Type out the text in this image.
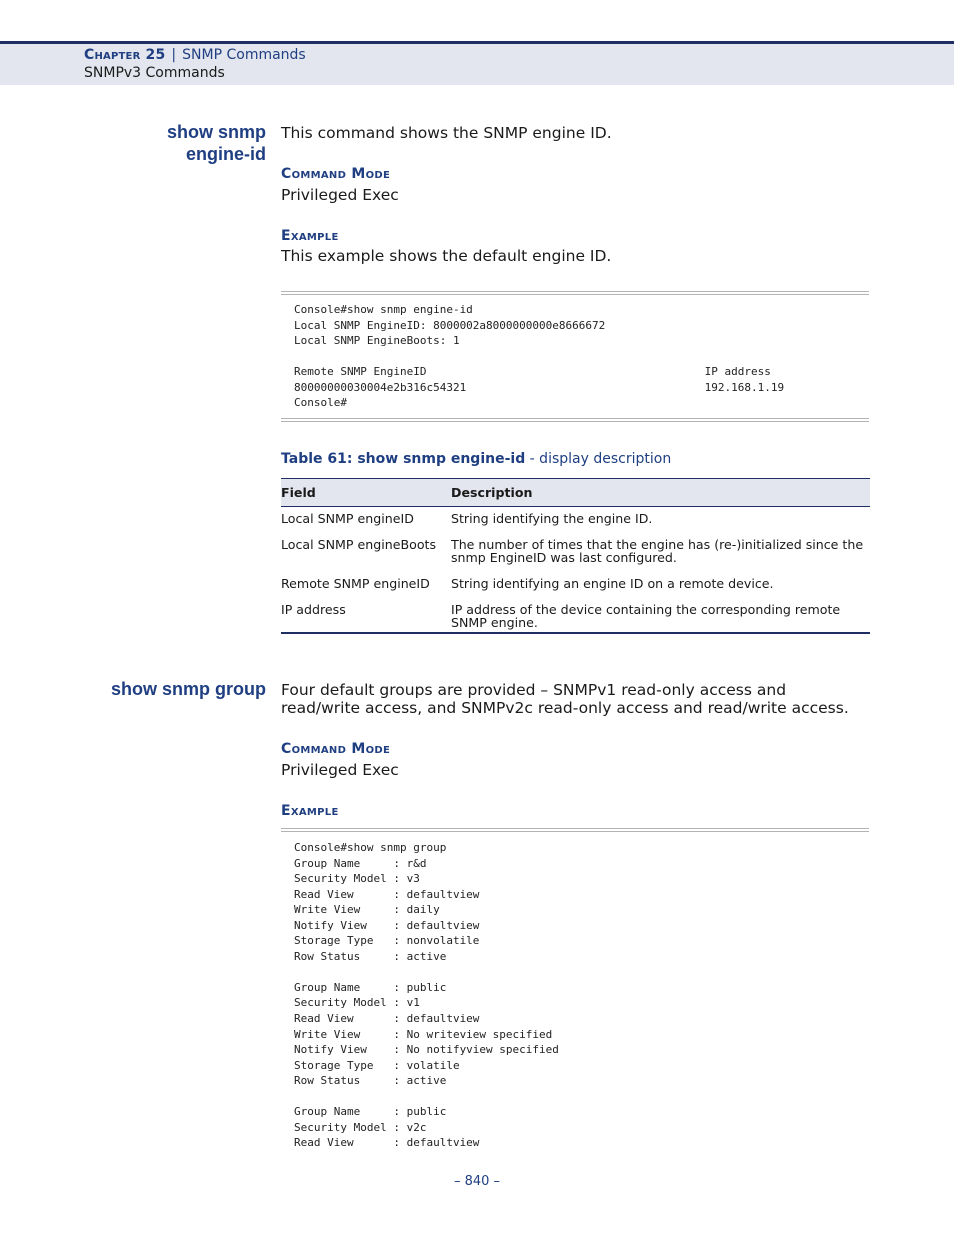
Chapter 25 | SNMP Commands
SNMPv3 Commands
show snmp
engine-id
This command shows the SNMP engine ID.
Command Mode
Privileged Exec
Example
This example shows the default engine ID.
Console#show snmp engine-id
Local SNMP EngineID: 8000002a8000000000e8666672
Local SNMP EngineBoots: 1

Remote SNMP EngineID                                          IP address
80000000030004e2b316c54321                                    192.168.1.19
Console#
Table 61: show snmp engine-id - display description
Field	Description
Local SNMP engineID	String identifying the engine ID.
Local SNMP engineBoots	The number of times that the engine has (re-)initialized since the snmp EngineID was last configured.
Remote SNMP engineID	String identifying an engine ID on a remote device.
IP address	IP address of the device containing the corresponding remote SNMP engine.
show snmp group Four default groups are provided – SNMPv1 read-only access and read/write access, and SNMPv2c read-only access and read/write access.
Command Mode
Privileged Exec
Example
Console#show snmp group
Group Name     : r&d
Security Model : v3
Read View      : defaultview
Write View     : daily
Notify View    : defaultview
Storage Type   : nonvolatile
Row Status     : active

Group Name     : public
Security Model : v1
Read View      : defaultview
Write View     : No writeview specified
Notify View    : No notifyview specified
Storage Type   : volatile
Row Status     : active

Group Name     : public
Security Model : v2c
Read View      : defaultview
– 840 –
